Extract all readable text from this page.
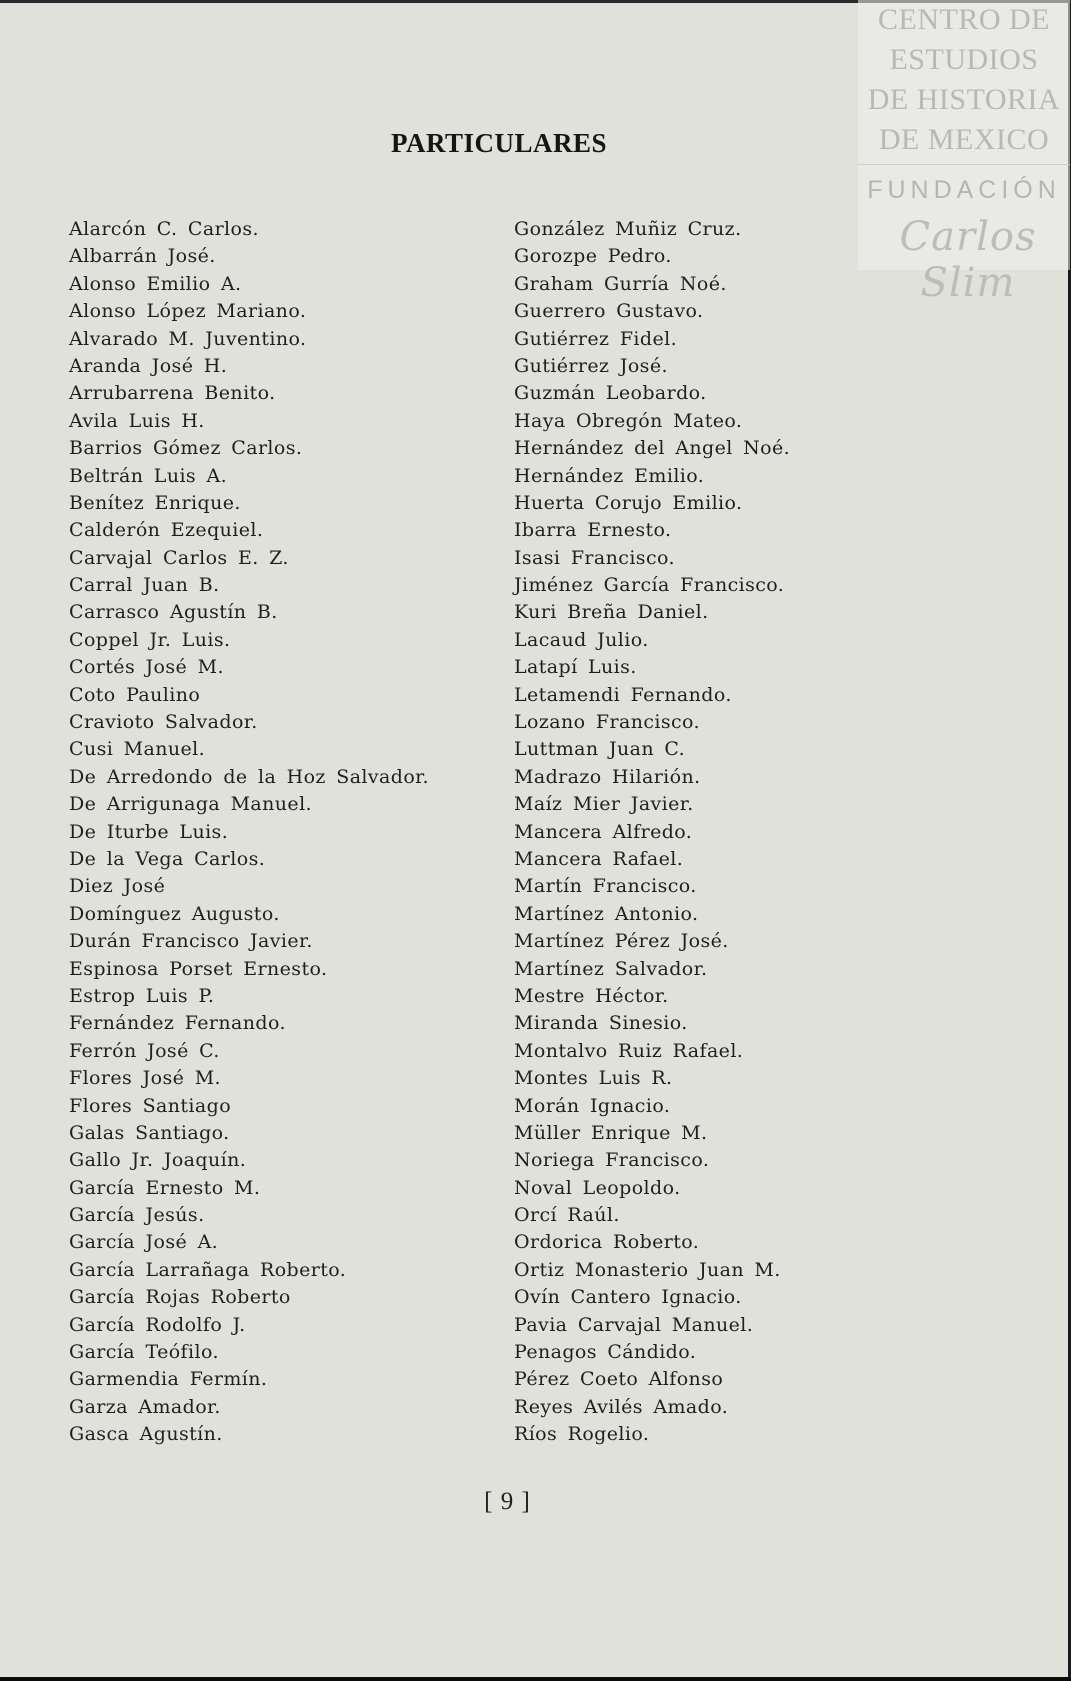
CENTRO DE
ESTUDIOS
DE HISTORIA
DE MEXICO
FUNDACIÓN
Carlos Slim
PARTICULARES
Alarcón C. Carlos.
Albarrán José.
Alonso Emilio A.
Alonso López Mariano.
Alvarado M. Juventino.
Aranda José H.
Arrubarrena Benito.
Avila Luis H.
Barrios Gómez Carlos.
Beltrán Luis A.
Benítez Enrique.
Calderón Ezequiel.
Carvajal Carlos E. Z.
Carral Juan B.
Carrasco Agustín B.
Coppel Jr. Luis.
Cortés José M.
Coto Paulino
Cravioto Salvador.
Cusi Manuel.
De Arredondo de la Hoz Salvador.
De Arrigunaga Manuel.
De Iturbe Luis.
De la Vega Carlos.
Diez José
Domínguez Augusto.
Durán Francisco Javier.
Espinosa Porset Ernesto.
Estrop Luis P.
Fernández Fernando.
Ferrón José C.
Flores José M.
Flores Santiago
Galas Santiago.
Gallo Jr. Joaquín.
García Ernesto M.
García Jesús.
García José A.
García Larrañaga Roberto.
García Rojas Roberto
García Rodolfo J.
García Teófilo.
Garmendia Fermín.
Garza Amador.
Gasca Agustín.
González Muñiz Cruz.
Gorozpe Pedro.
Graham Gurría Noé.
Guerrero Gustavo.
Gutiérrez Fidel.
Gutiérrez José.
Guzmán Leobardo.
Haya Obregón Mateo.
Hernández del Angel Noé.
Hernández Emilio.
Huerta Corujo Emilio.
Ibarra Ernesto.
Isasi Francisco.
Jiménez García Francisco.
Kuri Breña Daniel.
Lacaud Julio.
Latapí Luis.
Letamendi Fernando.
Lozano Francisco.
Luttman Juan C.
Madrazo Hilarión.
Maíz Mier Javier.
Mancera Alfredo.
Mancera Rafael.
Martín Francisco.
Martínez Antonio.
Martínez Pérez José.
Martínez Salvador.
Mestre Héctor.
Miranda Sinesio.
Montalvo Ruiz Rafael.
Montes Luis R.
Morán Ignacio.
Müller Enrique M.
Noriega Francisco.
Noval Leopoldo.
Orcí Raúl.
Ordorica Roberto.
Ortiz Monasterio Juan M.
Ovín Cantero Ignacio.
Pavia Carvajal Manuel.
Penagos Cándido.
Pérez Coeto Alfonso
Reyes Avilés Amado.
Ríos Rogelio.
[ 9 ]
